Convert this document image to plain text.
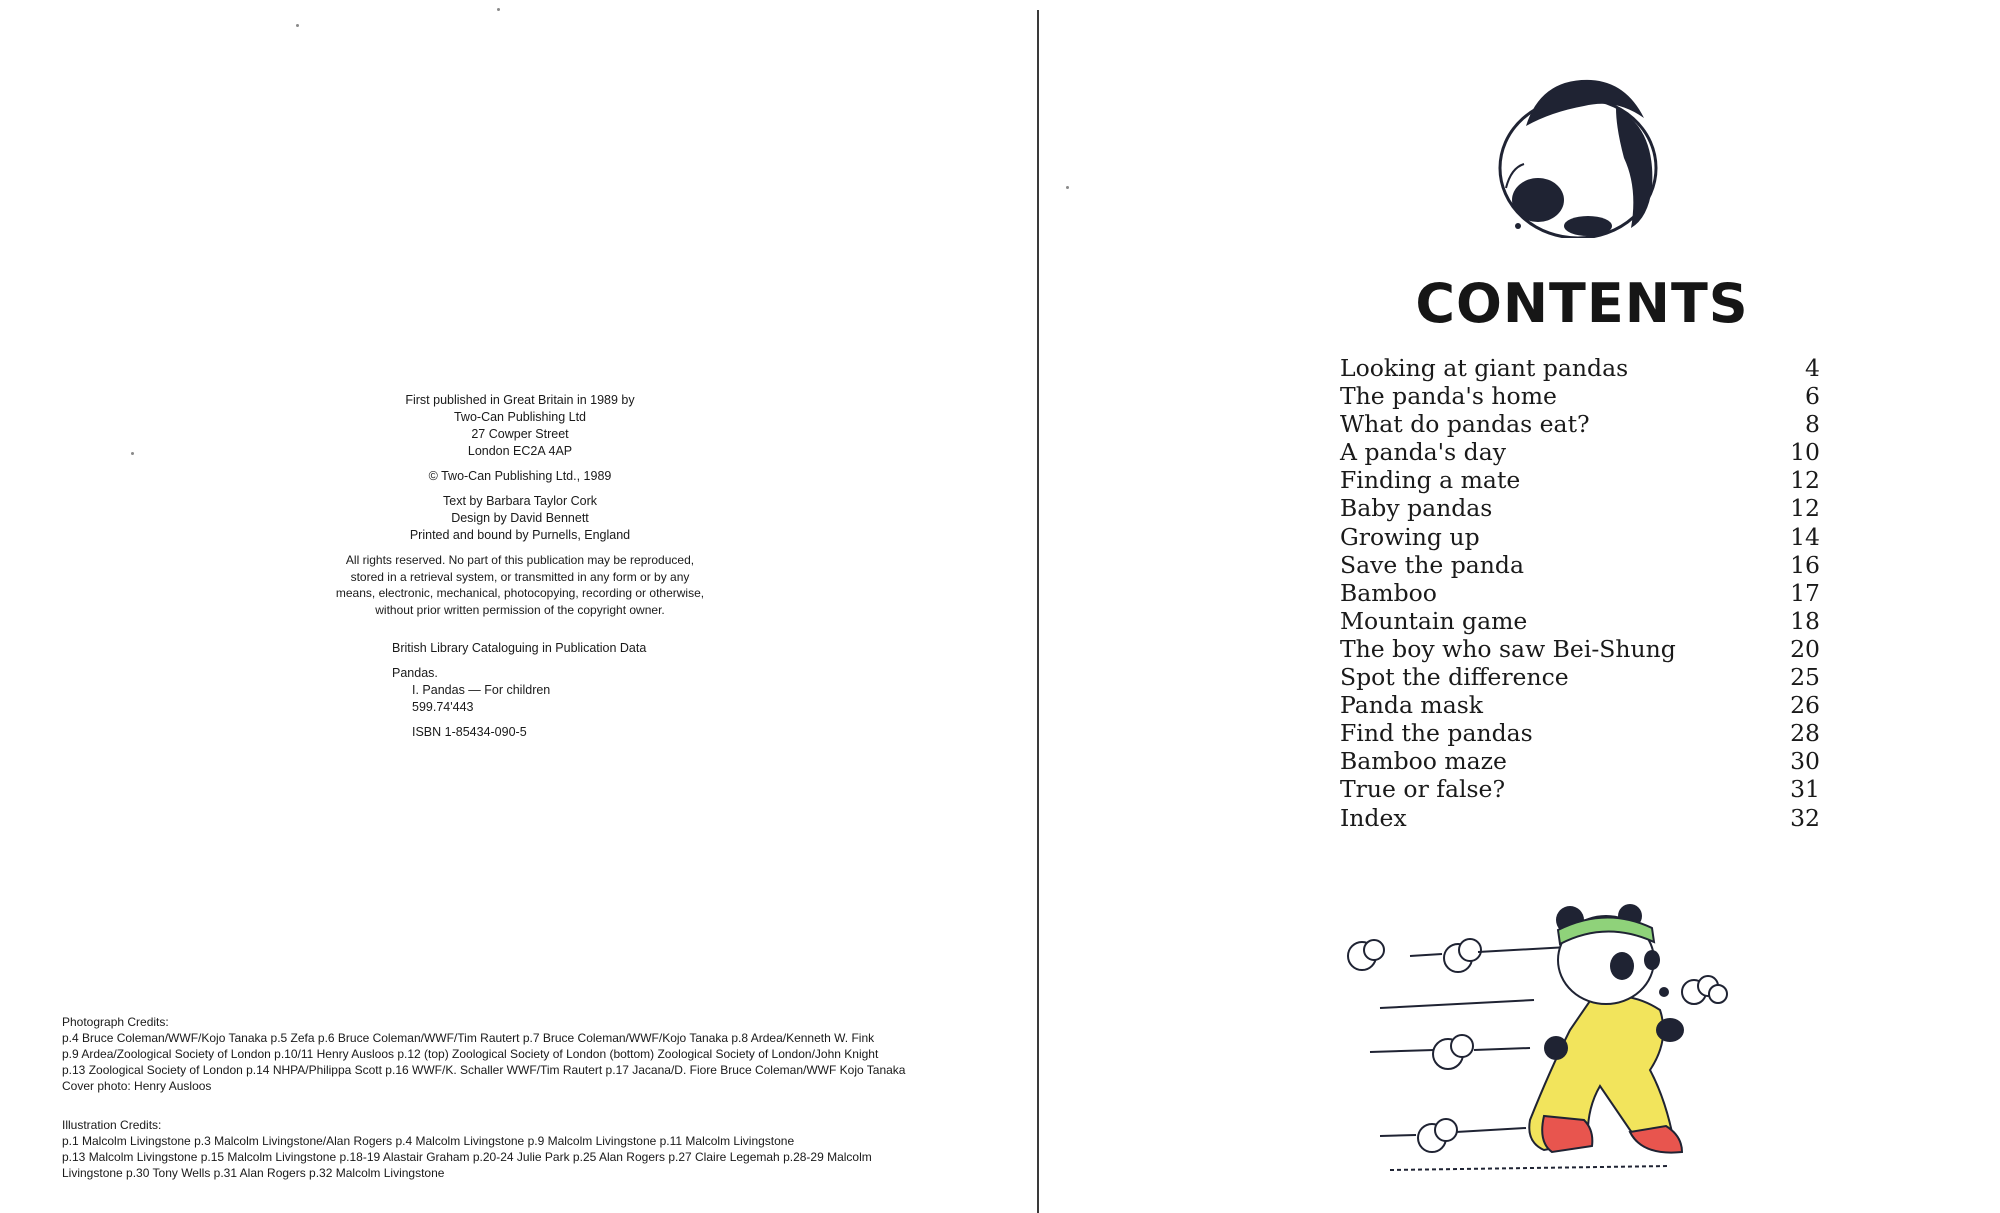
First published in Great Britain in 1989 by
Two-Can Publishing Ltd
27 Cowper Street
London EC2A 4AP
© Two-Can Publishing Ltd., 1989
Text by Barbara Taylor Cork
Design by David Bennett
Printed and bound by Purnells, England
All rights reserved. No part of this publication may be reproduced,
stored in a retrieval system, or transmitted in any form or by any
means, electronic, mechanical, photocopying, recording or otherwise,
without prior written permission of the copyright owner.
British Library Cataloguing in Publication Data
Pandas.
I. Pandas — For children
599.74'443
ISBN 1-85434-090-5
Photograph Credits:
p.4 Bruce Coleman/WWF/Kojo Tanaka p.5 Zefa p.6 Bruce Coleman/WWF/Tim Rautert p.7 Bruce Coleman/WWF/Kojo Tanaka p.8 Ardea/Kenneth W. Fink
p.9 Ardea/Zoological Society of London p.10/11 Henry Ausloos p.12 (top) Zoological Society of London (bottom) Zoological Society of London/John Knight
p.13 Zoological Society of London p.14 NHPA/Philippa Scott p.16 WWF/K. Schaller WWF/Tim Rautert p.17 Jacana/D. Fiore Bruce Coleman/WWF Kojo Tanaka
Cover photo: Henry Ausloos
Illustration Credits:
p.1 Malcolm Livingstone p.3 Malcolm Livingstone/Alan Rogers p.4 Malcolm Livingstone p.9 Malcolm Livingstone p.11 Malcolm Livingstone
p.13 Malcolm Livingstone p.15 Malcolm Livingstone p.18-19 Alastair Graham p.20-24 Julie Park p.25 Alan Rogers p.27 Claire Legemah p.28-29 Malcolm
Livingstone p.30 Tony Wells p.31 Alan Rogers p.32 Malcolm Livingstone
CONTENTS
Looking at giant pandas	4
The panda's home	6
What do pandas eat?	8
A panda's day	10
Finding a mate	12
Baby pandas	12
Growing up	14
Save the panda	16
Bamboo	17
Mountain game	18
The boy who saw Bei-Shung	20
Spot the difference	25
Panda mask	26
Find the pandas	28
Bamboo maze	30
True or false?	31
Index	32
